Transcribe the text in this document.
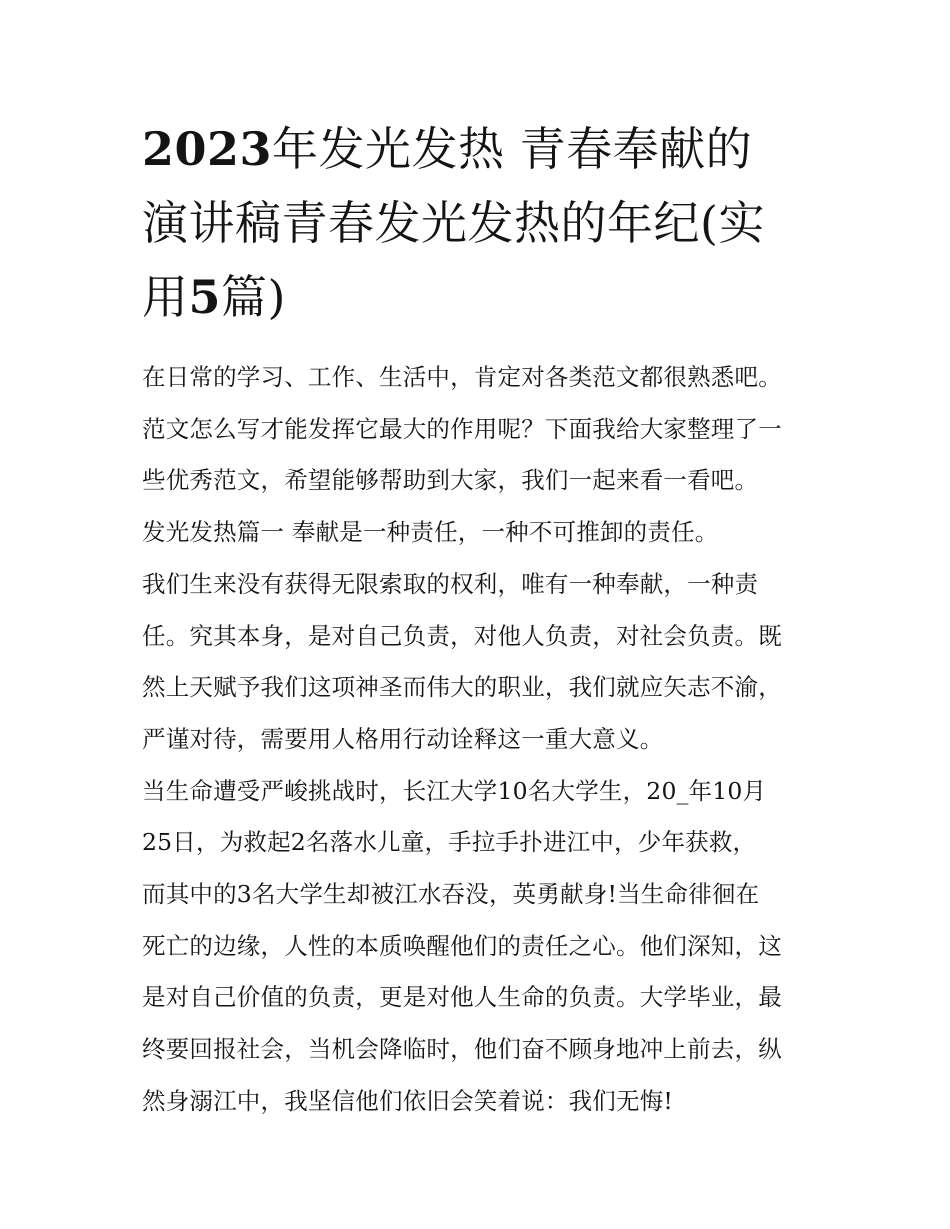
2023年发光发热 青春奉献的
演讲稿青春发光发热的年纪(实
用5篇)
在日常的学习、工作、生活中，肯定对各类范文都很熟悉吧。
范文怎么写才能发挥它最大的作用呢？下面我给大家整理了一
些优秀范文，希望能够帮助到大家，我们一起来看一看吧。
发光发热篇一 奉献是一种责任，一种不可推卸的责任。
我们生来没有获得无限索取的权利，唯有一种奉献，一种责
任。究其本身，是对自己负责，对他人负责，对社会负责。既
然上天赋予我们这项神圣而伟大的职业，我们就应矢志不渝，
严谨对待，需要用人格用行动诠释这一重大意义。
当生命遭受严峻挑战时，长江大学10名大学生，20_年10月
25日，为救起2名落水儿童，手拉手扑进江中，少年获救，
而其中的3名大学生却被江水吞没，英勇献身!当生命徘徊在
死亡的边缘，人性的本质唤醒他们的责任之心。他们深知，这
是对自己价值的负责，更是对他人生命的负责。大学毕业，最
终要回报社会，当机会降临时，他们奋不顾身地冲上前去，纵
然身溺江中，我坚信他们依旧会笑着说：我们无悔!
